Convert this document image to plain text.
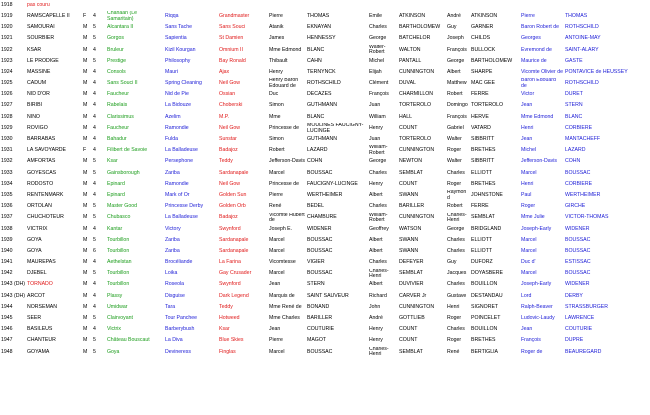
1918	pas couru													
1919	RAMSCAPELLE II	F	4	Chanaan (Le Samaritain)	Riqqa	Grandmaster	Pierre	THOMAS	Emile	ATKINSON	André	ATKINSON	Pierre	THOMAS
1920	SAMOURAI	M	5	Alcantara II	Sans Tache	Sans Souci	Atanik	EKNAYAN	Charles	BARTHOLOMEW	Guy	GARNER	Baron Robert de	ROTHSCHILD
1921	SOURBIER	M	5	Gorgos	Sapientia	St Damien	James	HENNESSY	George	BATCHELOR	Joseph	CHILDS	Georges	ANTOINE-MAY
1922	KSAR	M	4	Bruleur	Kizil Kourgan	Omnium II	Mme Edmond	BLANC	Walter-Robert	WALTON	François	BULLOCK	Evremond de	SAINT-ALARY
1923	LE PRODIGE	M	5	Prestige	Philosophy	Bay Ronald	Thibault	CAHN	Michel	PANTALL	George	BARTHOLOMEW	Maurice de	GASTE
1924	MASSINE	M	4	Consols	Mauri	Ajax	Henry	TERNYNCK	Elijah	CUNNINGTON	Albert	SHARPE	Vicomte Olivier de	PONTAVICE de HEUSSEY
1925	CADUM	M	4	Sans Souci II	Spring Cleaning	Neil Gow	Henry Baron Edouard de	ROTHSCHILD	Clément	DUVAL	Matthew	MAC GEE	Baron Edouard de	ROTHSCHILD
1926	NID D'OR	M	4	Faucheur	Nid de Pie	Ossian	Duc	DECAZES	François	CHARMILLON	Robert	FERRE	Victor	DURET
1927	BIRIBI	M	4	Rabelais	La Bidouze	Choberski	Simon	GUTHMANN	Juan	TORTEROLO	Domingo	TORTEROLO	Jean	STERN
1928	NINO	M	4	Clarissimus	Azelim	M.P.	Mme	BLANC	William	HALL	François	HERVE	Mme Edmond	BLANC
1929	ROVIGO	M	4	Faucheur	Ramondie	Neil Gow	Princesse de	MOULINES FAUCIGNY-LUCINGE	Henry	COUNT	Gabriel	VATARD	Henri	CORBIERE
1930	BARRABAS	M	4	Bahadur	Fulda	Sunstar	Simon	GUTHMANN	Juan	TORTEROLO	Walter	SIBBRITT	Jean	MANTACHEFF
1931	LA SAVOYARDE	F	4	Filibert de Savoie	La Balladeuse	Badajoz	Robert	LAZARD	William-Robert	CUNNINGTON	Roger	BRETHES	Michel	LAZARD
1932	AMFORTAS	M	5	Ksar	Persephone	Teddy	Jefferson-Davis	COHN	George	NEWTON	Walter	SIBBRITT	Jefferson-Davis	COHN
1933	GOYESCAS	M	5	Gainsborough	Zariba	Sardanapale	Marcel	BOUSSAC	Charles	SEMBLAT	Charles	ELLIOTT	Marcel	BOUSSAC
1934	RODOSTO	M	4	Epinard	Ramondie	Neil Gow	Princesse de	FAUCIGNY-LUCINGE	Henry	COUNT	Roger	BRETHES	Henri	CORBIERE
1935	RENTENMARK	M	4	Epinard	Mark of Or	Golden Sun	Pierre	WERTHEIMER	Albert	SWANN	Raymond	JOHNSTONE	Paul	WERTHEIMER
1936	ORTOLAN	M	5	Master Good	Princesse Derby	Golden Orb	René	BEDEL	Charles	BARILLER	Robert	FERRE	Roger	GIRCHE
1937	CHUCHOTEUR	M	5	Chubasco	La Balladeuse	Badajoz	Vicomte Hubert de	CHAMBURE	William-Robert	CUNNINGTON	Charles-Henri	SEMBLAT	Mme Julie	VICTOR-THOMAS
1938	VICTRIX	M	4	Kantar	Victory	Swynford	Joseph E.	WIDENER	Geoffrey	WATSON	George	BRIDGLAND	Joseph-Early	WIDENER
1939	GOYA	M	5	Tourbillon	Zariba	Sardanapale	Marcel	BOUSSAC	Albert	SWANN	Charles	ELLIOTT	Marcel	BOUSSAC
1940	GOYA	M	6	Tourbillon	Zariba	Sardanapale	Marcel	BOUSSAC	Albert	SWANN	Charles	ELLIOTT	Marcel	BOUSSAC
1941	MAUREPAS	M	4	Aethelstan	Brocéliande	La Farina	Vicomtesse	VIGIER	Charles	DEFEYER	Guy	DUFORZ	Duc d'	ESTISSAC
1942	DJEBEL	M	5	Tourbillon	Loika	Gay Crusader	Marcel	BOUSSAC	Charles-Henri	SEMBLAT	Jacques	DOYASBERE	Marcel	BOUSSAC
1943 (DH)	TORNADO	M	4	Tourbillon	Roseola	Swynford	Jean	STERN	Albert	DUVIVIER	Charles	BOUILLON	Joseph-Early	WIDENER
1943 (DH)	ARCOT	M	4	Plassy	Disguise	Dark Legend	Marquis de	SAINT SAUVEUR	Richard	CARVER Jr	Gustave	DESTANDAU	Lord	DERBY
1944	NORSEMAN	M	4	Umidwar	Tara	Teddy	Mme René de	BONAND	John	CUNNINGTON	Henri	SIGNORET	Ralph-Beaver	STRASSBURGER
1945	SEER	M	5	Clairvoyant	Tour Panchee	Hotweed	Mme Charles	BARILLER	André	GOTTLIEB	Roger	POINCELET	Ludovic-Laudy	LAWRENCE
1946	BASILEUS	M	4	Victrix	Barberybush	Ksar	Jean	COUTURIE	Henry	COUNT	Charles	BOUILLON	Jean	COUTURIE
1947	CHANTEUR	M	5	Château Bouscaut	La Diva	Blue Skies	Pierre	MAGOT	Henry	COUNT	Roger	BRETHES	François	DUPRE
1948	GOYAMA	M	5	Goya	Devineress	Finglas	Marcel	BOUSSAC	Charles-Henri	SEMBLAT	René	BERTIGLIA	Roger de	BEAUREGARD
